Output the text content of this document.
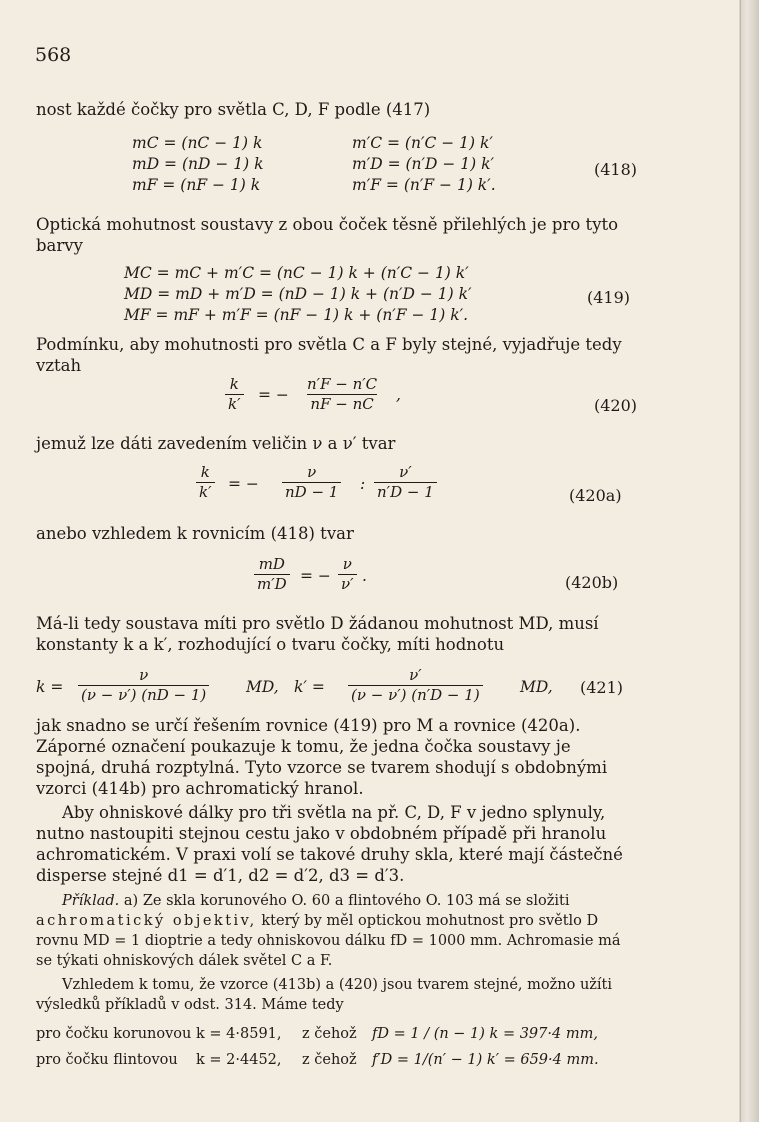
568
nost každé čočky pro světla C, D, F podle (417)
mC = (nC − 1) k
mD = (nD − 1) k
mF = (nF − 1) k
m′C = (n′C − 1) k′
m′D = (n′D − 1) k′
m′F = (n′F − 1) k′.
(418)
Optická mohutnost soustavy z obou čoček těsně přilehlých je pro tyto barvy
MC = mC + m′C = (nC − 1) k + (n′C − 1) k′
MD = mD + m′D = (nD − 1) k + (n′D − 1) k′
MF = mF + m′F = (nF − 1) k + (n′F − 1) k′.
(419)
Podmínku, aby mohutnosti pro světla C a F byly stejné, vyjadřuje tedy vztah
$\frac{k}{k'}$ = − $\frac{n'F - n'C}{nF - nC}$ ,
(420)
jemuž lze dáti zavedením veličin ν a ν′ tvar
$\frac{k}{k'}$ = − $\frac{\nu}{nD - 1}$ : $\frac{\nu'}{n'D - 1}$	(420a)
anebo vzhledem k rovnicím (418) tvar
$\frac{mD}{m'D}$ = − $\frac{\nu}{\nu'}$ .	(420b)
Má-li tedy soustava míti pro světlo D žádanou mohutnost MD, musí konstanty k a k′, rozhodující o tvaru čočky, míti hodnotu
$k = \frac{\nu}{(\nu - \nu') (nD - 1)}$ MD, $k' = \frac{\nu'}{(\nu - \nu') (n'D - 1)}$ MD, (421)
jak snadno se určí řešením rovnice (419) pro M a rovnice (420a). Záporné označení poukazuje k tomu, že jedna čočka soustavy je spojná, druhá rozptylná. Tyto vzorce se tvarem shodují s obdobnými vzorci (414b) pro achromatický hranol.
Aby ohniskové dálky pro tři světla na př. C, D, F v jedno splynuly, nutno nastoupiti stejnou cestu jako v obdobném případě při hranolu achromatickém. V praxi volí se takové druhy skla, které mají částečné disperse stejné d1 = d′1, d2 = d′2, d3 = d′3.
Příklad. a) Ze skla korunového O. 60 a flintového O. 103 má se složiti achromatický objektiv, který by měl optickou mohutnost pro světlo D rovnu MD = 1 dioptrie a tedy ohniskovou dálku fD = 1000 mm. Achromasie má se týkati ohniskových dálek světel C a F.
Vzhledem k tomu, že vzorce (413b) a (420) jsou tvarem stejné, možno užíti výsledků příkladů v odst. 314. Máme tedy
pro čočku korunovou k = 4·8591, z čehož fD = 1 / (n − 1) k = 397·4 mm,
pro čočku flintovou k = 2·4452, z čehož f′D = 1/(n′ − 1) k′ = 659·4 mm.
